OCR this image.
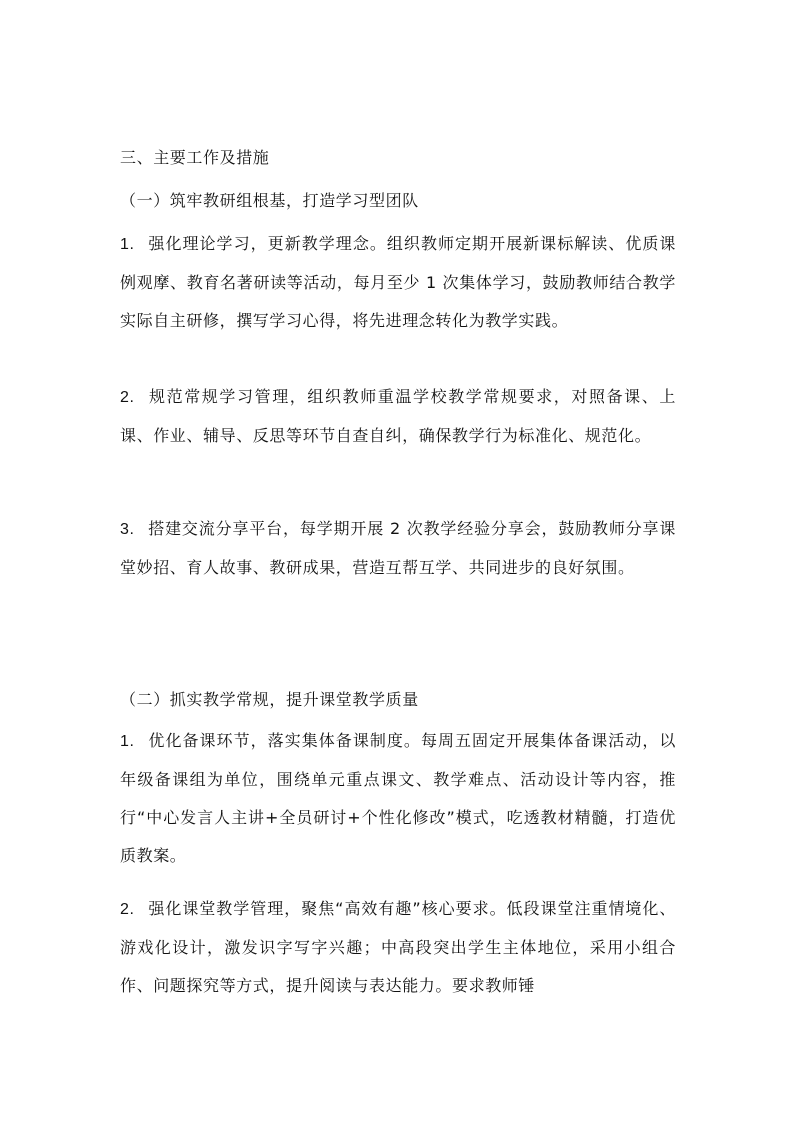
三、主要工作及措施
（一）筑牢教研组根基，打造学习型团队
1. 强化理论学习，更新教学理念。组织教师定期开展新课标解读、优质课例观摩、教育名著研读等活动，每月至少 1 次集体学习，鼓励教师结合教学实际自主研修，撰写学习心得，将先进理念转化为教学实践。
2. 规范常规学习管理，组织教师重温学校教学常规要求，对照备课、上课、作业、辅导、反思等环节自查自纠，确保教学行为标准化、规范化。
3. 搭建交流分享平台，每学期开展 2 次教学经验分享会，鼓励教师分享课堂妙招、育人故事、教研成果，营造互帮互学、共同进步的良好氛围。
（二）抓实教学常规，提升课堂教学质量
1. 优化备课环节，落实集体备课制度。每周五固定开展集体备课活动，以年级备课组为单位，围绕单元重点课文、教学难点、活动设计等内容，推行“中心发言人主讲+全员研讨+个性化修改”模式，吃透教材精髓，打造优质教案。
2. 强化课堂教学管理，聚焦“高效有趣”核心要求。低段课堂注重情境化、游戏化设计，激发识字写字兴趣；中高段突出学生主体地位，采用小组合作、问题探究等方式，提升阅读与表达能力。要求教师锤
